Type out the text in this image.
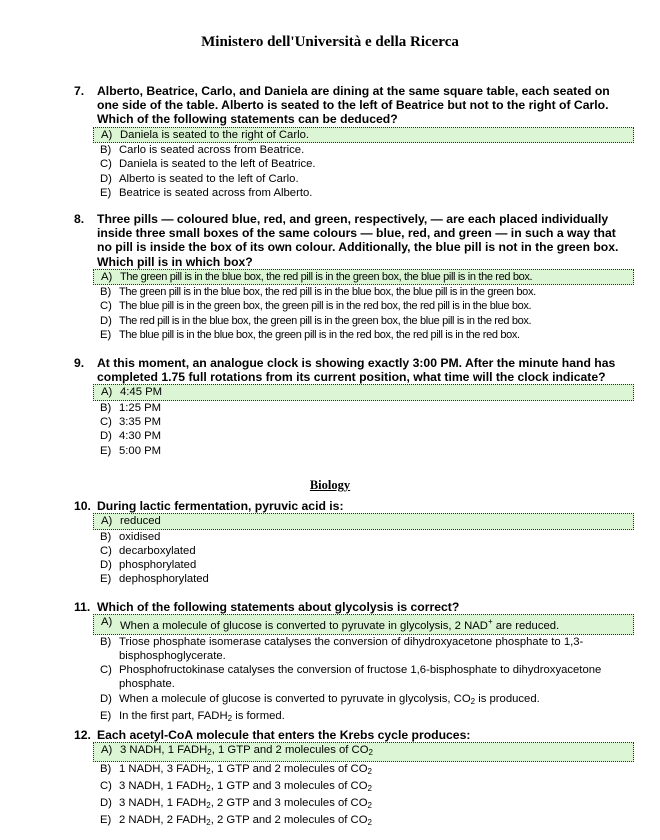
Ministero dell'Università e della Ricerca
7.	Alberto, Beatrice, Carlo, and Daniela are dining at the same square table, each seated on one side of the table. Alberto is seated to the left of Beatrice but not to the right of Carlo. Which of the following statements can be deduced?
A) Daniela is seated to the right of Carlo.
B) Carlo is seated across from Beatrice.
C) Daniela is seated to the left of Beatrice.
D) Alberto is seated to the left of Carlo.
E) Beatrice is seated across from Alberto.
8.	Three pills — coloured blue, red, and green, respectively, — are each placed individually inside three small boxes of the same colours — blue, red, and green — in such a way that no pill is inside the box of its own colour. Additionally, the blue pill is not in the green box. Which pill is in which box?
A) The green pill is in the blue box, the red pill is in the green box, the blue pill is in the red box.
B) The green pill is in the blue box, the red pill is in the blue box, the blue pill is in the green box.
C) The blue pill is in the green box, the green pill is in the red box, the red pill is in the blue box.
D) The red pill is in the blue box, the green pill is in the green box, the blue pill is in the red box.
E) The blue pill is in the blue box, the green pill is in the red box, the red pill is in the red box.
9.	At this moment, an analogue clock is showing exactly 3:00 PM. After the minute hand has completed 1.75 full rotations from its current position, what time will the clock indicate?
A) 4:45 PM
B) 1:25 PM
C) 3:35 PM
D) 4:30 PM
E) 5:00 PM
Biology
10. During lactic fermentation, pyruvic acid is:
A) reduced
B) oxidised
C) decarboxylated
D) phosphorylated
E) dephosphorylated
11. Which of the following statements about glycolysis is correct?
A) When a molecule of glucose is converted to pyruvate in glycolysis, 2 NAD+ are reduced.
B) Triose phosphate isomerase catalyses the conversion of dihydroxyacetone phosphate to 1,3-bisphosphoglycerate.
C) Phosphofructokinase catalyses the conversion of fructose 1,6-bisphosphate to dihydroxyacetone phosphate.
D) When a molecule of glucose is converted to pyruvate in glycolysis, $CO_2$ is produced.
E) In the first part, $FADH_2$ is formed.
12. Each acetyl-CoA molecule that enters the Krebs cycle produces:
A) 3 NADH, 1 $FADH_2$, 1 GTP and 2 molecules of $CO_2$
B) 1 NADH, 3 $FADH_2$, 1 GTP and 2 molecules of $CO_2$
C) 3 NADH, 1 $FADH_2$, 1 GTP and 3 molecules of $CO_2$
D) 3 NADH, 1 $FADH_2$, 2 GTP and 3 molecules of $CO_2$
E) 2 NADH, 2 $FADH_2$, 2 GTP and 2 molecules of $CO_2$
